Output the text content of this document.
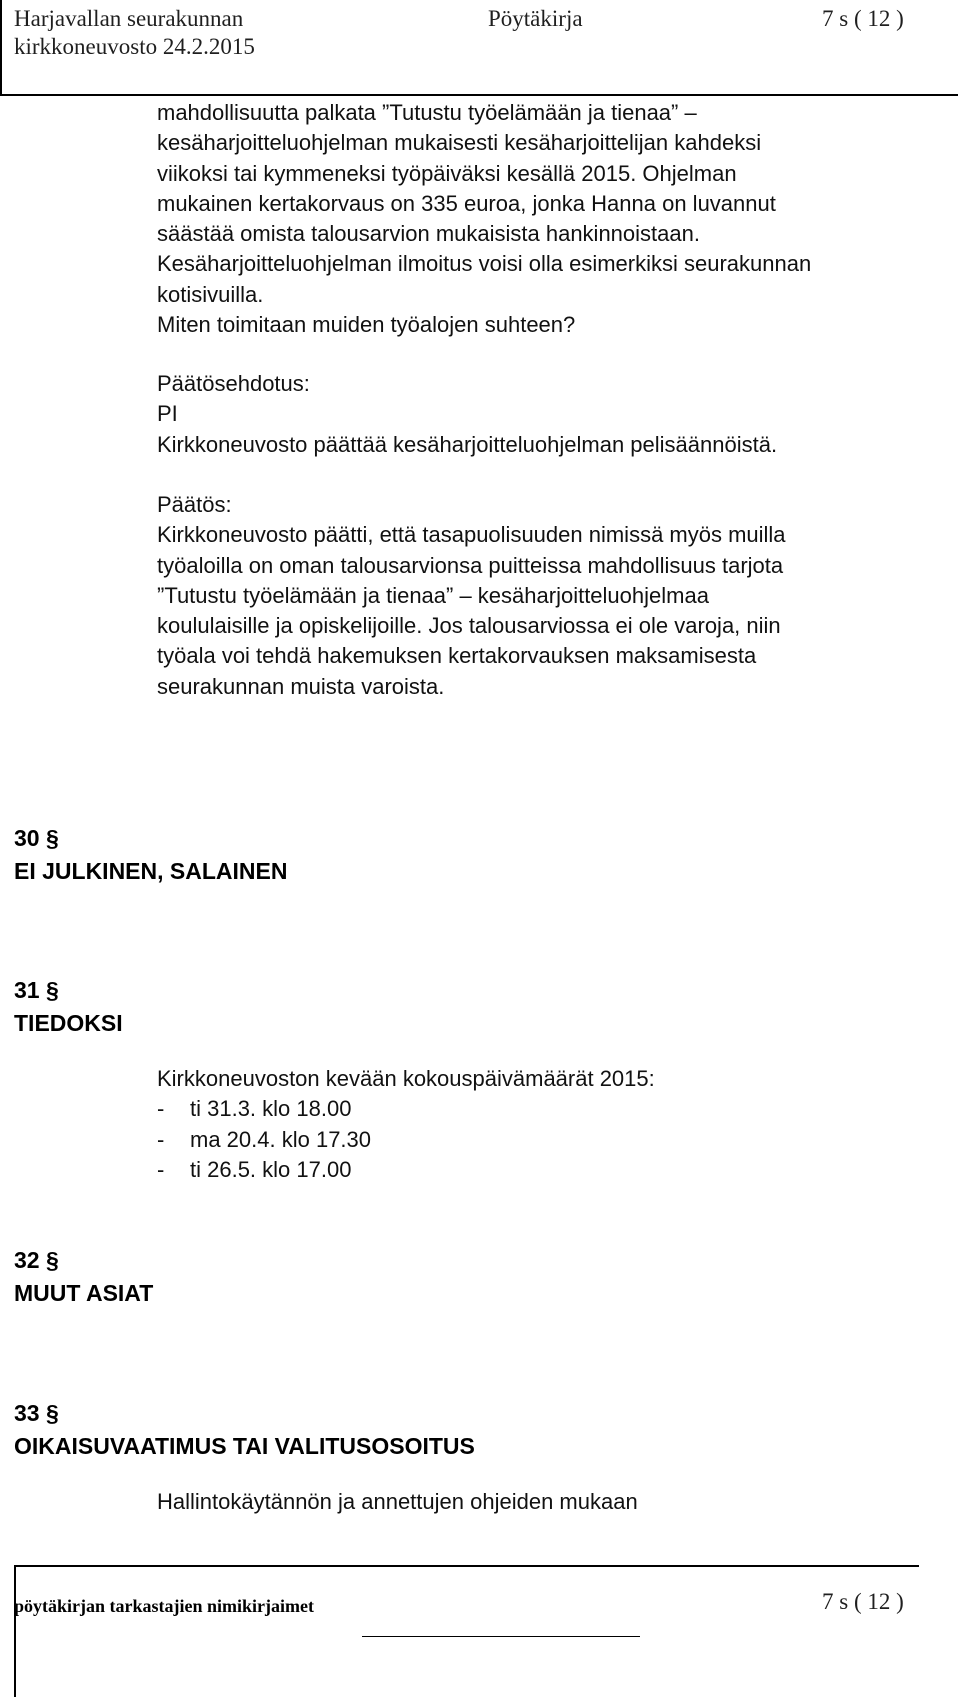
Harjavallan seurakunnan	Pöytäkirja	7 s ( 12 )
kirkkoneuvosto 24.2.2015

mahdollisuutta palkata ”Tutustu työelämään ja tienaa” –

kesäharjoitteluohjelman mukaisesti kesäharjoittelijan kahdeksi

viikoksi tai kymmeneksi työpäiväksi kesällä 2015. Ohjelman

mukainen kertakorvaus on 335 euroa, jonka Hanna on luvannut

säästää omista talousarvion mukaisista hankinnoistaan.

Kesäharjoitteluohjelman ilmoitus voisi olla esimerkiksi seurakunnan

kotisivuilla.

Miten toimitaan muiden työalojen suhteen?

Päätösehdotus:

PI

Kirkkoneuvosto päättää kesäharjoitteluohjelman pelisäännöistä.

Päätös:

Kirkkoneuvosto päätti, että tasapuolisuuden nimissä myös muilla

työaloilla on oman talousarvionsa puitteissa mahdollisuus tarjota

”Tutustu työelämään ja tienaa” – kesäharjoitteluohjelmaa

koululaisille ja opiskelijoille. Jos talousarviossa ei ole varoja, niin

työala voi tehdä hakemuksen kertakorvauksen maksamisesta

seurakunnan muista varoista.

30 §
EI JULKINEN, SALAINEN
31 §
TIEDOKSI

Kirkkoneuvoston kevään kokouspäivämäärät 2015:

- ti 31.3. klo 18.00
- ma 20.4. klo 17.30
- ti 26.5. klo 17.00
32 §
MUUT ASIAT
33 §
OIKAISUVAATIMUS TAI VALITUSOSOITUS

Hallintokäytännön ja annettujen ohjeiden mukaan

pöytäkirjan tarkastajien nimikirjaimet	7 s ( 12 )
